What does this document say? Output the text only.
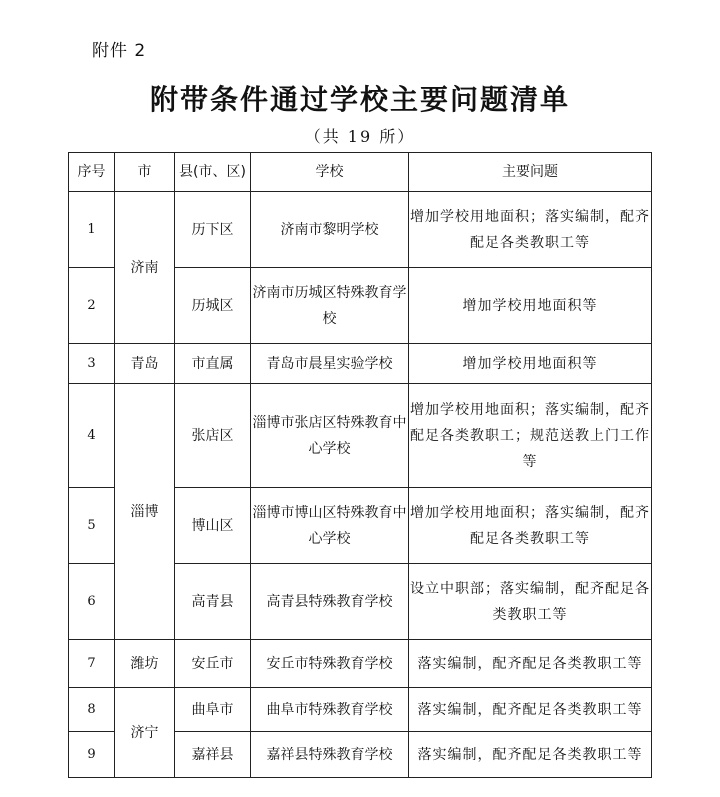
附件 2
附带条件通过学校主要问题清单
（共 19 所）
序号	市	县(市、区)	学校	主要问题
1	济南	历下区	济南市黎明学校	增加学校用地面积；落实编制，配齐配足各类教职工等
2		历城区	济南市历城区特殊教育学校	增加学校用地面积等
3	青岛	市直属	青岛市晨星实验学校	增加学校用地面积等
4	淄博	张店区	淄博市张店区特殊教育中心学校	增加学校用地面积；落实编制，配齐配足各类教职工；规范送教上门工作等
5		博山区	淄博市博山区特殊教育中心学校	增加学校用地面积；落实编制，配齐配足各类教职工等
6		高青县	高青县特殊教育学校	设立中职部；落实编制，配齐配足各类教职工等
7	潍坊	安丘市	安丘市特殊教育学校	落实编制，配齐配足各类教职工等
8	济宁	曲阜市	曲阜市特殊教育学校	落实编制，配齐配足各类教职工等
9		嘉祥县	嘉祥县特殊教育学校	落实编制，配齐配足各类教职工等
